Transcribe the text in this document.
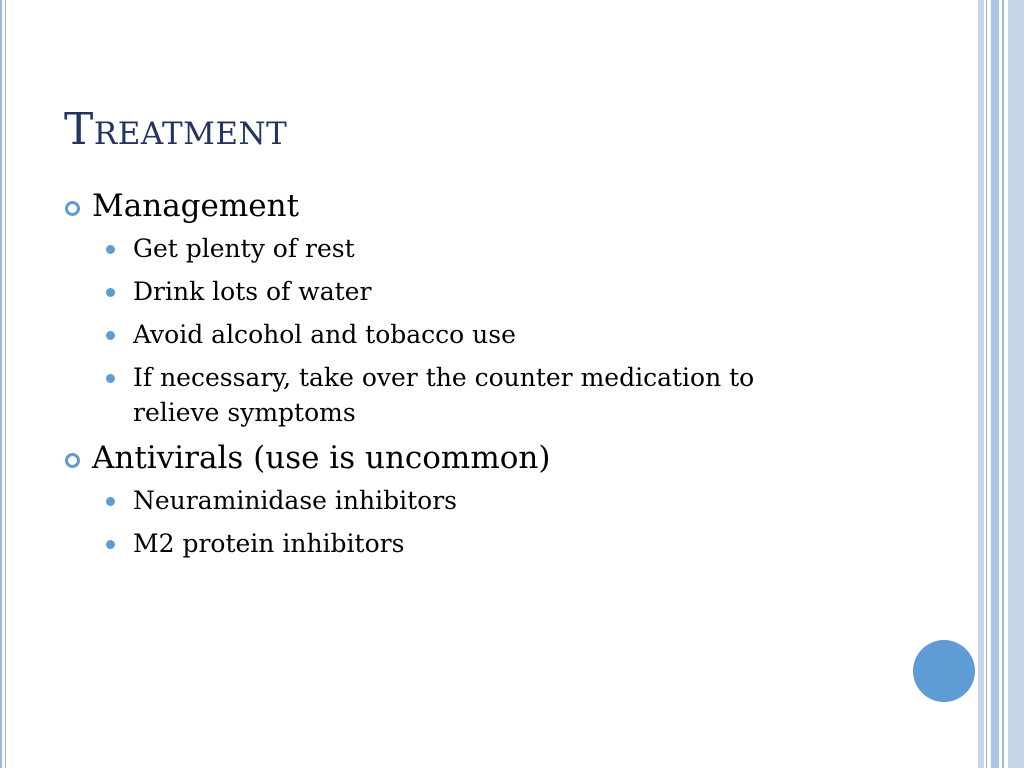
Treatment
Management
Get plenty of rest
Drink lots of water
Avoid alcohol and tobacco use
If necessary, take over the counter medication to relieve symptoms
Antivirals (use is uncommon)
Neuraminidase inhibitors
M2 protein inhibitors
